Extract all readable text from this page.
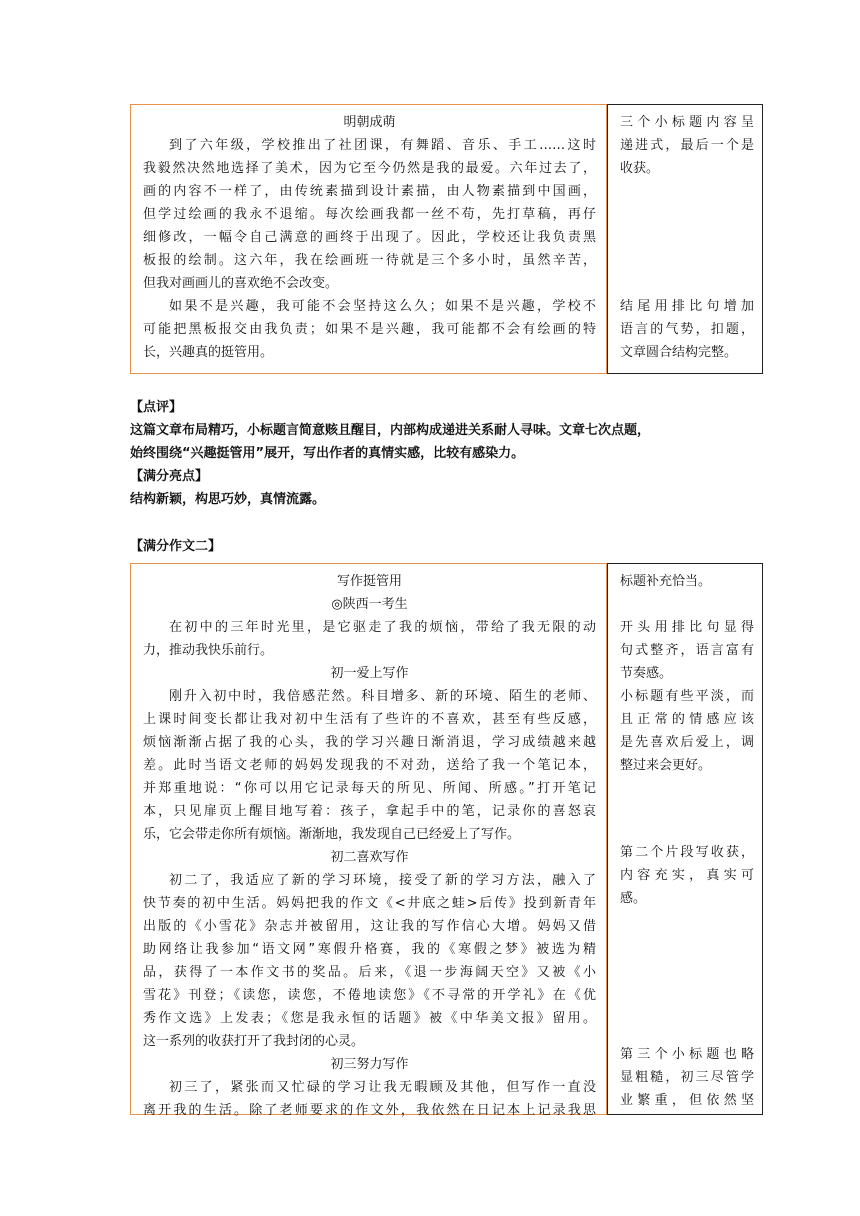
明朝成萌
到了六年级，学校推出了社团课，有舞蹈、音乐、手工……这时
我毅然决然地选择了美术，因为它至今仍然是我的最爱。六年过去了，
画的内容不一样了，由传统素描到设计素描，由人物素描到中国画，
但学过绘画的我永不退缩。每次绘画我都一丝不苟，先打草稿，再仔
细修改，一幅令自己满意的画终于出现了。因此，学校还让我负责黑
板报的绘制。这六年，我在绘画班一待就是三个多小时，虽然辛苦，
但我对画画儿的喜欢绝不会改变。
如果不是兴趣，我可能不会坚持这么久；如果不是兴趣，学校不
可能把黑板报交由我负责；如果不是兴趣，我可能都不会有绘画的特
长，兴趣真的挺管用。
三个小标题内容呈
递进式，最后一个是
收获。
结尾用排比句增加
语言的气势，扣题，
文章圆合结构完整。
【点评】
这篇文章布局精巧，小标题言简意赅且醒目，内部构成递进关系耐人寻味。文章七次点题，
始终围绕“兴趣挺管用”展开，写出作者的真情实感，比较有感染力。
【满分亮点】
结构新颖，构思巧妙，真情流露。
【满分作文二】
写作挺管用
◎陕西一考生
在初中的三年时光里，是它驱走了我的烦恼，带给了我无限的动
力，推动我快乐前行。
初一爱上写作
刚升入初中时，我倍感茫然。科目增多、新的环境、陌生的老师、
上课时间变长都让我对初中生活有了些许的不喜欢，甚至有些反感，
烦恼渐渐占据了我的心头，我的学习兴趣日渐消退，学习成绩越来越
差。此时当语文老师的妈妈发现我的不对劲，送给了我一个笔记本，
并郑重地说：“你可以用它记录每天的所见、所闻、所感。”打开笔记
本，只见扉页上醒目地写着：孩子，拿起手中的笔，记录你的喜怒哀
乐，它会带走你所有烦恼。渐渐地，我发现自己已经爱上了写作。
初二喜欢写作
初二了，我适应了新的学习环境，接受了新的学习方法，融入了
快节奏的初中生活。妈妈把我的作文《<井底之蛙>后传》投到新青年
出版的《小雪花》杂志并被留用，这让我的写作信心大增。妈妈又借
助网络让我参加“语文网”寒假升格赛，我的《寒假之梦》被选为精
品，获得了一本作文书的奖品。后来，《退一步海阔天空》又被《小
雪花》刊登；《读您，读您，不倦地读您》《不寻常的开学礼》在《优
秀作文选》上发表；《您是我永恒的话题》被《中华美文报》留用。
这一系列的收获打开了我封闭的心灵。
初三努力写作
初三了，紧张而又忙碌的学习让我无暇顾及其他，但写作一直没
离开我的生活。除了老师要求的作文外，我依然在日记本上记录我思
标题补充恰当。
开头用排比句显得
句式整齐，语言富有
节奏感。
小标题有些平淡，而
且正常的情感应该
是先喜欢后爱上，调
整过来会更好。
第二个片段写收获，
内容充实，真实可
感。
第三个小标题也略
显粗糙，初三尽管学
业繁重，但依然坚
